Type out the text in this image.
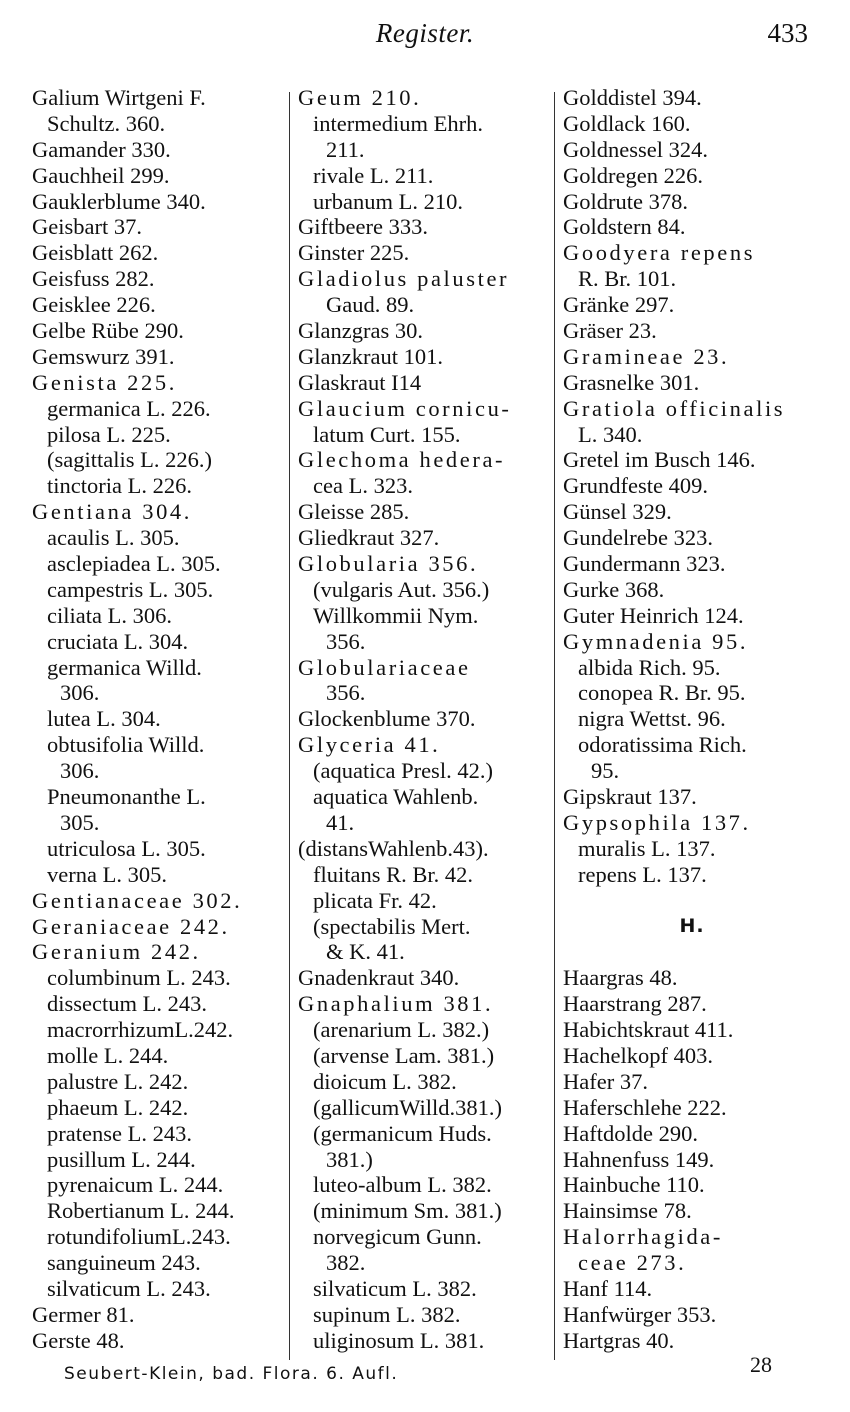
Register.	433
Galium Wirtgeni F.
Schultz. 360.
Gamander 330.
Gauchheil 299.
Gauklerblume 340.
Geisbart 37.
Geisblatt 262.
Geisfuss 282.
Geisklee 226.
Gelbe Rübe 290.
Gemswurz 391.
Genista 225.
germanica L. 226.
pilosa L. 225.
(sagittalis L. 226.)
tinctoria L. 226.
Gentiana 304.
acaulis L. 305.
asclepiadea L. 305.
campestris L. 305.
ciliata L. 306.
cruciata L. 304.
germanica Willd.
306.
lutea L. 304.
obtusifolia Willd.
306.
Pneumonanthe L.
305.
utriculosa L. 305.
verna L. 305.
Gentianaceae 302.
Geraniaceae 242.
Geranium 242.
columbinum L. 243.
dissectum L. 243.
macrorrhizumL.242.
molle L. 244.
palustre L. 242.
phaeum L. 242.
pratense L. 243.
pusillum L. 244.
pyrenaicum L. 244.
Robertianum L. 244.
rotundifoliumL.243.
sanguineum 243.
silvaticum L. 243.
Germer 81.
Gerste 48.
Geum 210.
intermedium Ehrh.
211.
rivale L. 211.
urbanum L. 210.
Giftbeere 333.
Ginster 225.
Gladiolus paluster
Gaud. 89.
Glanzgras 30.
Glanzkraut 101.
Glaskraut I14
Glaucium cornicu-
latum Curt. 155.
Glechoma hedera-
cea L. 323.
Gleisse 285.
Gliedkraut 327.
Globularia 356.
(vulgaris Aut. 356.)
Willkommii Nym.
356.
Globulariaceae
356.
Glockenblume 370.
Glyceria 41.
(aquatica Presl. 42.)
aquatica Wahlenb.
41.
(distansWahlenb.43).
fluitans R. Br. 42.
plicata Fr. 42.
(spectabilis Mert.
& K. 41.
Gnadenkraut 340.
Gnaphalium 381.
(arenarium L. 382.)
(arvense Lam. 381.)
dioicum L. 382.
(gallicumWilld.381.)
(germanicum Huds.
381.)
luteo-album L. 382.
(minimum Sm. 381.)
norvegicum Gunn.
382.
silvaticum L. 382.
supinum L. 382.
uliginosum L. 381.
Golddistel 394.
Goldlack 160.
Goldnessel 324.
Goldregen 226.
Goldrute 378.
Goldstern 84.
Goodyera repens
R. Br. 101.
Gränke 297.
Gräser 23.
Gramineae 23.
Grasnelke 301.
Gratiola officinalis
L. 340.
Gretel im Busch 146.
Grundfeste 409.
Günsel 329.
Gundelrebe 323.
Gundermann 323.
Gurke 368.
Guter Heinrich 124.
Gymnadenia 95.
albida Rich. 95.
conopea R. Br. 95.
nigra Wettst. 96.
odoratissima Rich.
95.
Gipskraut 137.
Gypsophila 137.
muralis L. 137.
repens L. 137.
H.
Haargras 48.
Haarstrang 287.
Habichtskraut 411.
Hachelkopf 403.
Hafer 37.
Haferschlehe 222.
Haftdolde 290.
Hahnenfuss 149.
Hainbuche 110.
Hainsimse 78.
Halorrhagida-
ceae 273.
Hanf 114.
Hanfwürger 353.
Hartgras 40.
Seubert-Klein, bad. Flora. 6. Aufl.	28
